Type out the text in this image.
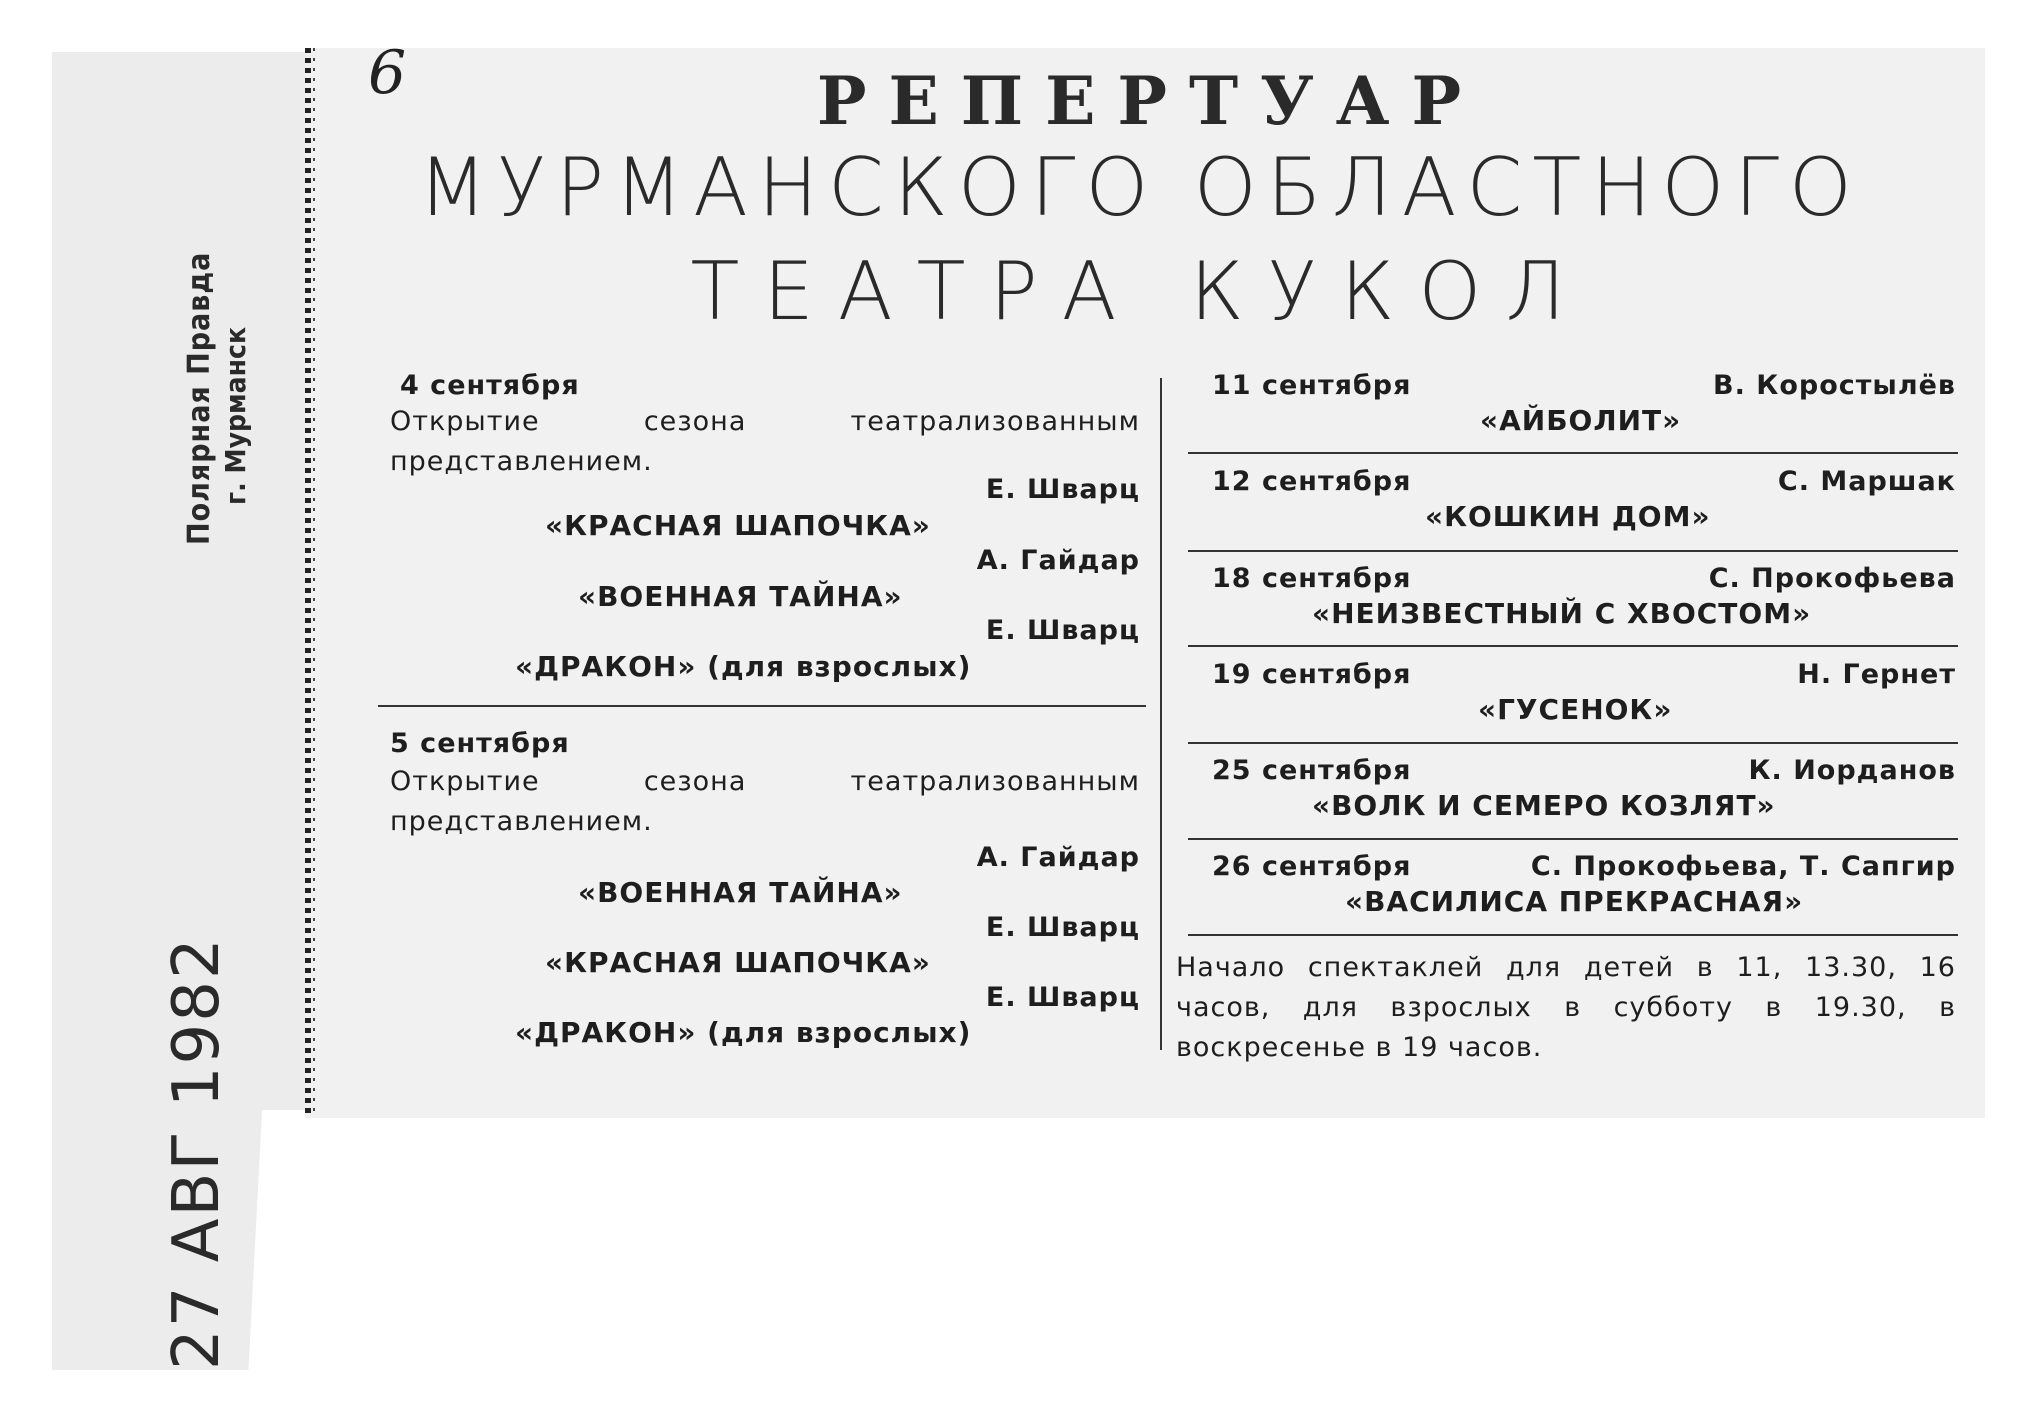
Полярная Правда г. Мурманск
27 АВГ 1982
6	РЕПЕРТУАР
МУРМАНСКОГО ОБЛАСТНОГО
ТЕАТРА КУКОЛ
4 сентября
Открытие сезона театрализованным представлением.
Е. Шварц
«КРАСНАЯ ШАПОЧКА»
А. Гайдар
«ВОЕННАЯ ТАЙНА»
Е. Шварц
«ДРАКОН» (для взрослых)
5 сентября
Открытие сезона театрализованным представлением.
А. Гайдар
«ВОЕННАЯ ТАЙНА»
Е. Шварц
«КРАСНАЯ ШАПОЧКА»
Е. Шварц
«ДРАКОН» (для взрослых)
11 сентября	В. Коростылёв
«АЙБОЛИТ»
12 сентября	С. Маршак
«КОШКИН ДОМ»
18 сентября	С. Прокофьева
«НЕИЗВЕСТНЫЙ С ХВОСТОМ»
19 сентября	Н. Гернет
«ГУСЕНОК»
25 сентября	К. Иорданов
«ВОЛК И СЕМЕРО КОЗЛЯТ»
26 сентября	С. Прокофьева, Т. Сапгир
«ВАСИЛИСА ПРЕКРАСНАЯ»
Начало спектаклей для детей в 11, 13.30, 16 часов, для взрослых в субботу в 19.30, в воскресенье в 19 часов.
